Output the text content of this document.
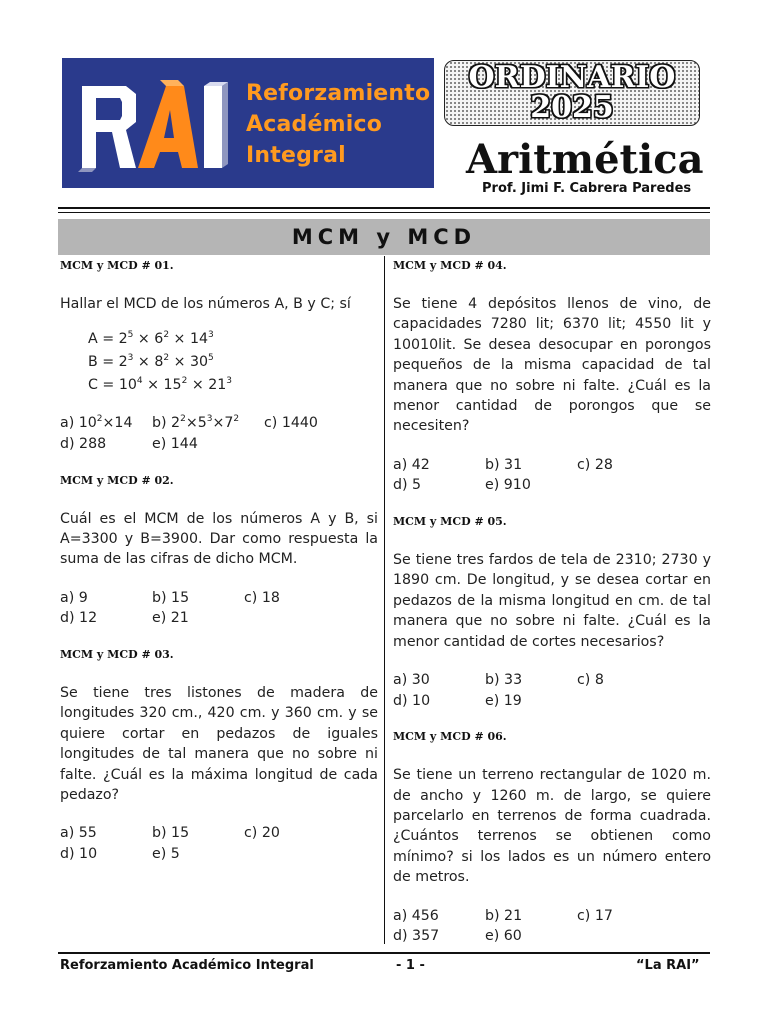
Reforzamiento
Académico
Integral
ORDINARIO
2025
Aritmética
Prof. Jimi F. Cabrera Paredes
MCM y MCD
MCM y MCD # 01.
Hallar el MCD de los números A, B y C; sí
$A = 2^5 \times 6^2 \times 14^3$
$B = 2^3 \times 8^2 \times 30^5$
$C = 10^4 \times 15^2 \times 21^3$
a) $10^2\times 14$	b) $2^2\times 5^3\times 7^2$	c) 1440
d) 288	e) 144
MCM y MCD # 02.
Cuál es el MCM de los números A y B, si A=3300 y B=3900. Dar como respuesta la suma de las cifras de dicho MCM.
a) 9	b) 15	c) 18
d) 12	e) 21
MCM y MCD # 03.
Se tiene tres listones de madera de longitudes 320 cm., 420 cm. y 360 cm. y se quiere cortar en pedazos de iguales longitudes de tal manera que no sobre ni falte. ¿Cuál es la máxima longitud de cada pedazo?
a) 55	b) 15	c) 20
d) 10	e) 5
MCM y MCD # 04.
Se tiene 4 depósitos llenos de vino, de capacidades 7280 lit; 6370 lit; 4550 lit y 10010lit. Se desea desocupar en porongos pequeños de la misma capacidad de tal manera que no sobre ni falte. ¿Cuál es la menor cantidad de porongos que se necesiten?
a) 42	b) 31	c) 28
d) 5	e) 910
MCM y MCD # 05.
Se tiene tres fardos de tela de 2310; 2730 y 1890 cm. De longitud, y se desea cortar en pedazos de la misma longitud en cm. de tal manera que no sobre ni falte. ¿Cuál es la menor cantidad de cortes necesarios?
a) 30	b) 33	c) 8
d) 10	e) 19
MCM y MCD # 06.
Se tiene un terreno rectangular de 1020 m. de ancho y 1260 m. de largo, se quiere parcelarlo en terrenos de forma cuadrada. ¿Cuántos terrenos se obtienen como mínimo? si los lados es un número entero de metros.
a) 456	b) 21	c) 17
d) 357	e) 60
Reforzamiento Académico Integral	- 1 -	“La RAI”
